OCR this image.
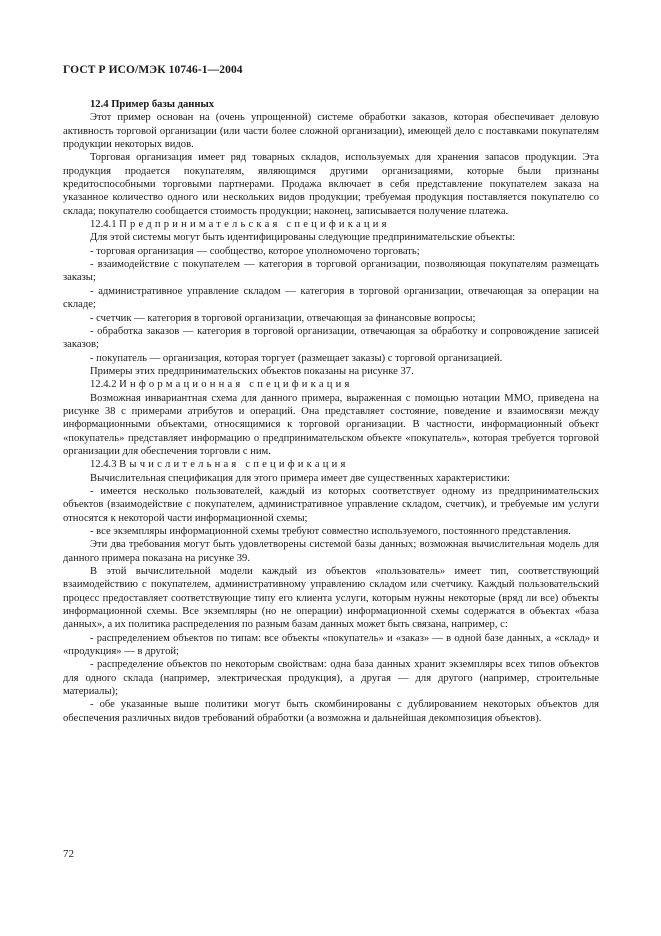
ГОСТ Р ИСО/МЭК 10746-1—2004
12.4 Пример базы данных

Этот пример основан на (очень упрощенной) системе обработки заказов, которая обеспечивает деловую активность торговой организации (или части более сложной организации), имеющей дело с поставками покупателям продукции некоторых видов.

Торговая организация имеет ряд товарных складов, используемых для хранения запасов продукции. Эта продукция продается покупателям, являющимся другими организациями, которые были признаны кредитоспособными торговыми партнерами. Продажа включает в себя представление покупателем заказа на указанное количество одного или нескольких видов продукции; требуемая продукция поставляется покупателю со склада; покупателю сообщается стоимость продукции; наконец, записывается получение платежа.

12.4.1 Предпринимательская спецификация

Для этой системы могут быть идентифицированы следующие предпринимательские объекты:

- торговая организация — сообщество, которое уполномочено торговать;

- взаимодействие с покупателем — категория в торговой организации, позволяющая покупателям размещать заказы;

- административное управление складом — категория в торговой организации, отвечающая за операции на складе;

- счетчик — категория в торговой организации, отвечающая за финансовые вопросы;

- обработка заказов — категория в торговой организации, отвечающая за обработку и сопровождение записей заказов;

- покупатель — организация, которая торгует (размещает заказы) с торговой организацией.

Примеры этих предпринимательских объектов показаны на рисунке 37.

12.4.2 Информационная спецификация

Возможная инвариантная схема для данного примера, выраженная с помощью нотации ММО, приведена на рисунке 38 с примерами атрибутов и операций. Она представляет состояние, поведение и взаимосвязи между информационными объектами, относящимися к торговой организации. В частности, информационный объект «покупатель» представляет информацию о предпринимательском объекте «покупатель», которая требуется торговой организации для обеспечения торговли с ним.

12.4.3 Вычислительная спецификация

Вычислительная спецификация для этого примера имеет две существенных характеристики:

- имеется несколько пользователей, каждый из которых соответствует одному из предпринимательских объектов (взаимодействие с покупателем, административное управление складом, счетчик), и требуемые им услуги относятся к некоторой части информационной схемы;

- все экземпляры информационной схемы требуют совместно используемого, постоянного представления.

Эти два требования могут быть удовлетворены системой базы данных; возможная вычислительная модель для данного примера показана на рисунке 39.

В этой вычислительной модели каждый из объектов «пользователь» имеет тип, соответствующий взаимодействию с покупателем, административному управлению складом или счетчику. Каждый пользовательский процесс предоставляет соответствующие типу его клиента услуги, которым нужны некоторые (вряд ли все) объекты информационной схемы. Все экземпляры (но не операции) информационной схемы содержатся в объектах «база данных», а их политика распределения по разным базам данных может быть связана, например, с:

- распределением объектов по типам: все объекты «покупатель» и «заказ» — в одной базе данных, а «склад» и «продукция» — в другой;

- распределение объектов по некоторым свойствам: одна база данных хранит экземпляры всех типов объектов для одного склада (например, электрическая продукция), а другая — для другого (например, строительные материалы);

- обе указанные выше политики могут быть скомбинированы с дублированием некоторых объектов для обеспечения различных видов требований обработки (а возможна и дальнейшая декомпозиция объектов).

72
